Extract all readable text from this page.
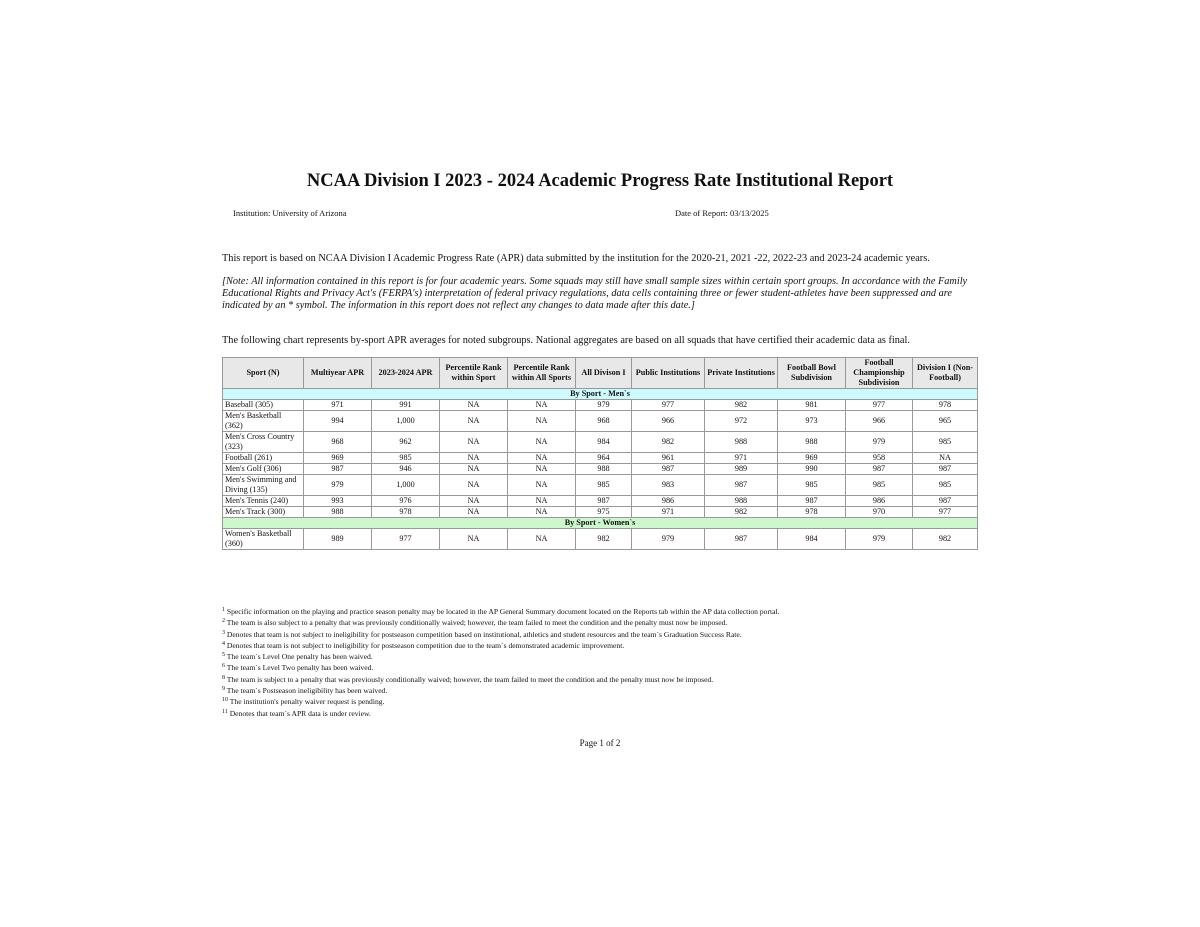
NCAA Division I 2023 - 2024 Academic Progress Rate Institutional Report
Institution: University of Arizona	Date of Report: 03/13/2025
This report is based on NCAA Division I Academic Progress Rate (APR) data submitted by the institution for the 2020-21, 2021 -22, 2022-23 and 2023-24 academic years.
[Note: All information contained in this report is for four academic years. Some squads may still have small sample sizes within certain sport groups. In accordance with the Family Educational Rights and Privacy Act's (FERPA's) interpretation of federal privacy regulations, data cells containing three or fewer student-athletes have been suppressed and are indicated by an * symbol. The information in this report does not reflect any changes to data made after this date.]
The following chart represents by-sport APR averages for noted subgroups. National aggregates are based on all squads that have certified their academic data as final.
Sport (N)	Multiyear APR	2023-2024 APR	Percentile Rank within Sport	Percentile Rank within All Sports	All Divison I	Public Institutions	Private Institutions	Football Bowl Subdivision	Football Championship Subdivision	Division I (Non-Football)
By Sport - Men`s										
Baseball (305)	971	991	NA	NA	979	977	982	981	977	978
Men's Basketball (362)	994	1,000	NA	NA	968	966	972	973	966	965
Men's Cross Country (323)	968	962	NA	NA	984	982	988	988	979	985
Football (261)	969	985	NA	NA	964	961	971	969	958	NA
Men's Golf (306)	987	946	NA	NA	988	987	989	990	987	987
Men's Swimming and Diving (135)	979	1,000	NA	NA	985	983	987	985	985	985
Men's Tennis (240)	993	976	NA	NA	987	986	988	987	986	987
Men's Track (300)	988	978	NA	NA	975	971	982	978	970	977
By Sport - Women`s										
Women's Basketball (360)	989	977	NA	NA	982	979	987	984	979	982
$^1$ Specific information on the playing and practice season penalty may be located in the AP General Summary document located on the Reports tab within the AP data collection portal.
$^2$ The team is also subject to a penalty that was previously conditionally waived; however, the team failed to meet the condition and the penalty must now be imposed.
$^3$ Denotes that team is not subject to ineligibility for postseason competition based on institutional, athletics and student resources and the team`s Graduation Success Rate.
$^4$ Denotes that team is not subject to ineligibility for postseason competition due to the team`s demonstrated academic improvement.
$^5$ The team`s Level One penalty has been waived.
$^6$ The team`s Level Two penalty has been waived.
$^8$ The team is subject to a penalty that was previously conditionally waived; however, the team failed to meet the condition and the penalty must now be imposed.
$^9$ The team`s Postseason ineligibility has been waived.
$^{10}$ The institution's penalty waiver request is pending.
$^{11}$ Denotes that team`s APR data is under review.
Page 1 of 2
